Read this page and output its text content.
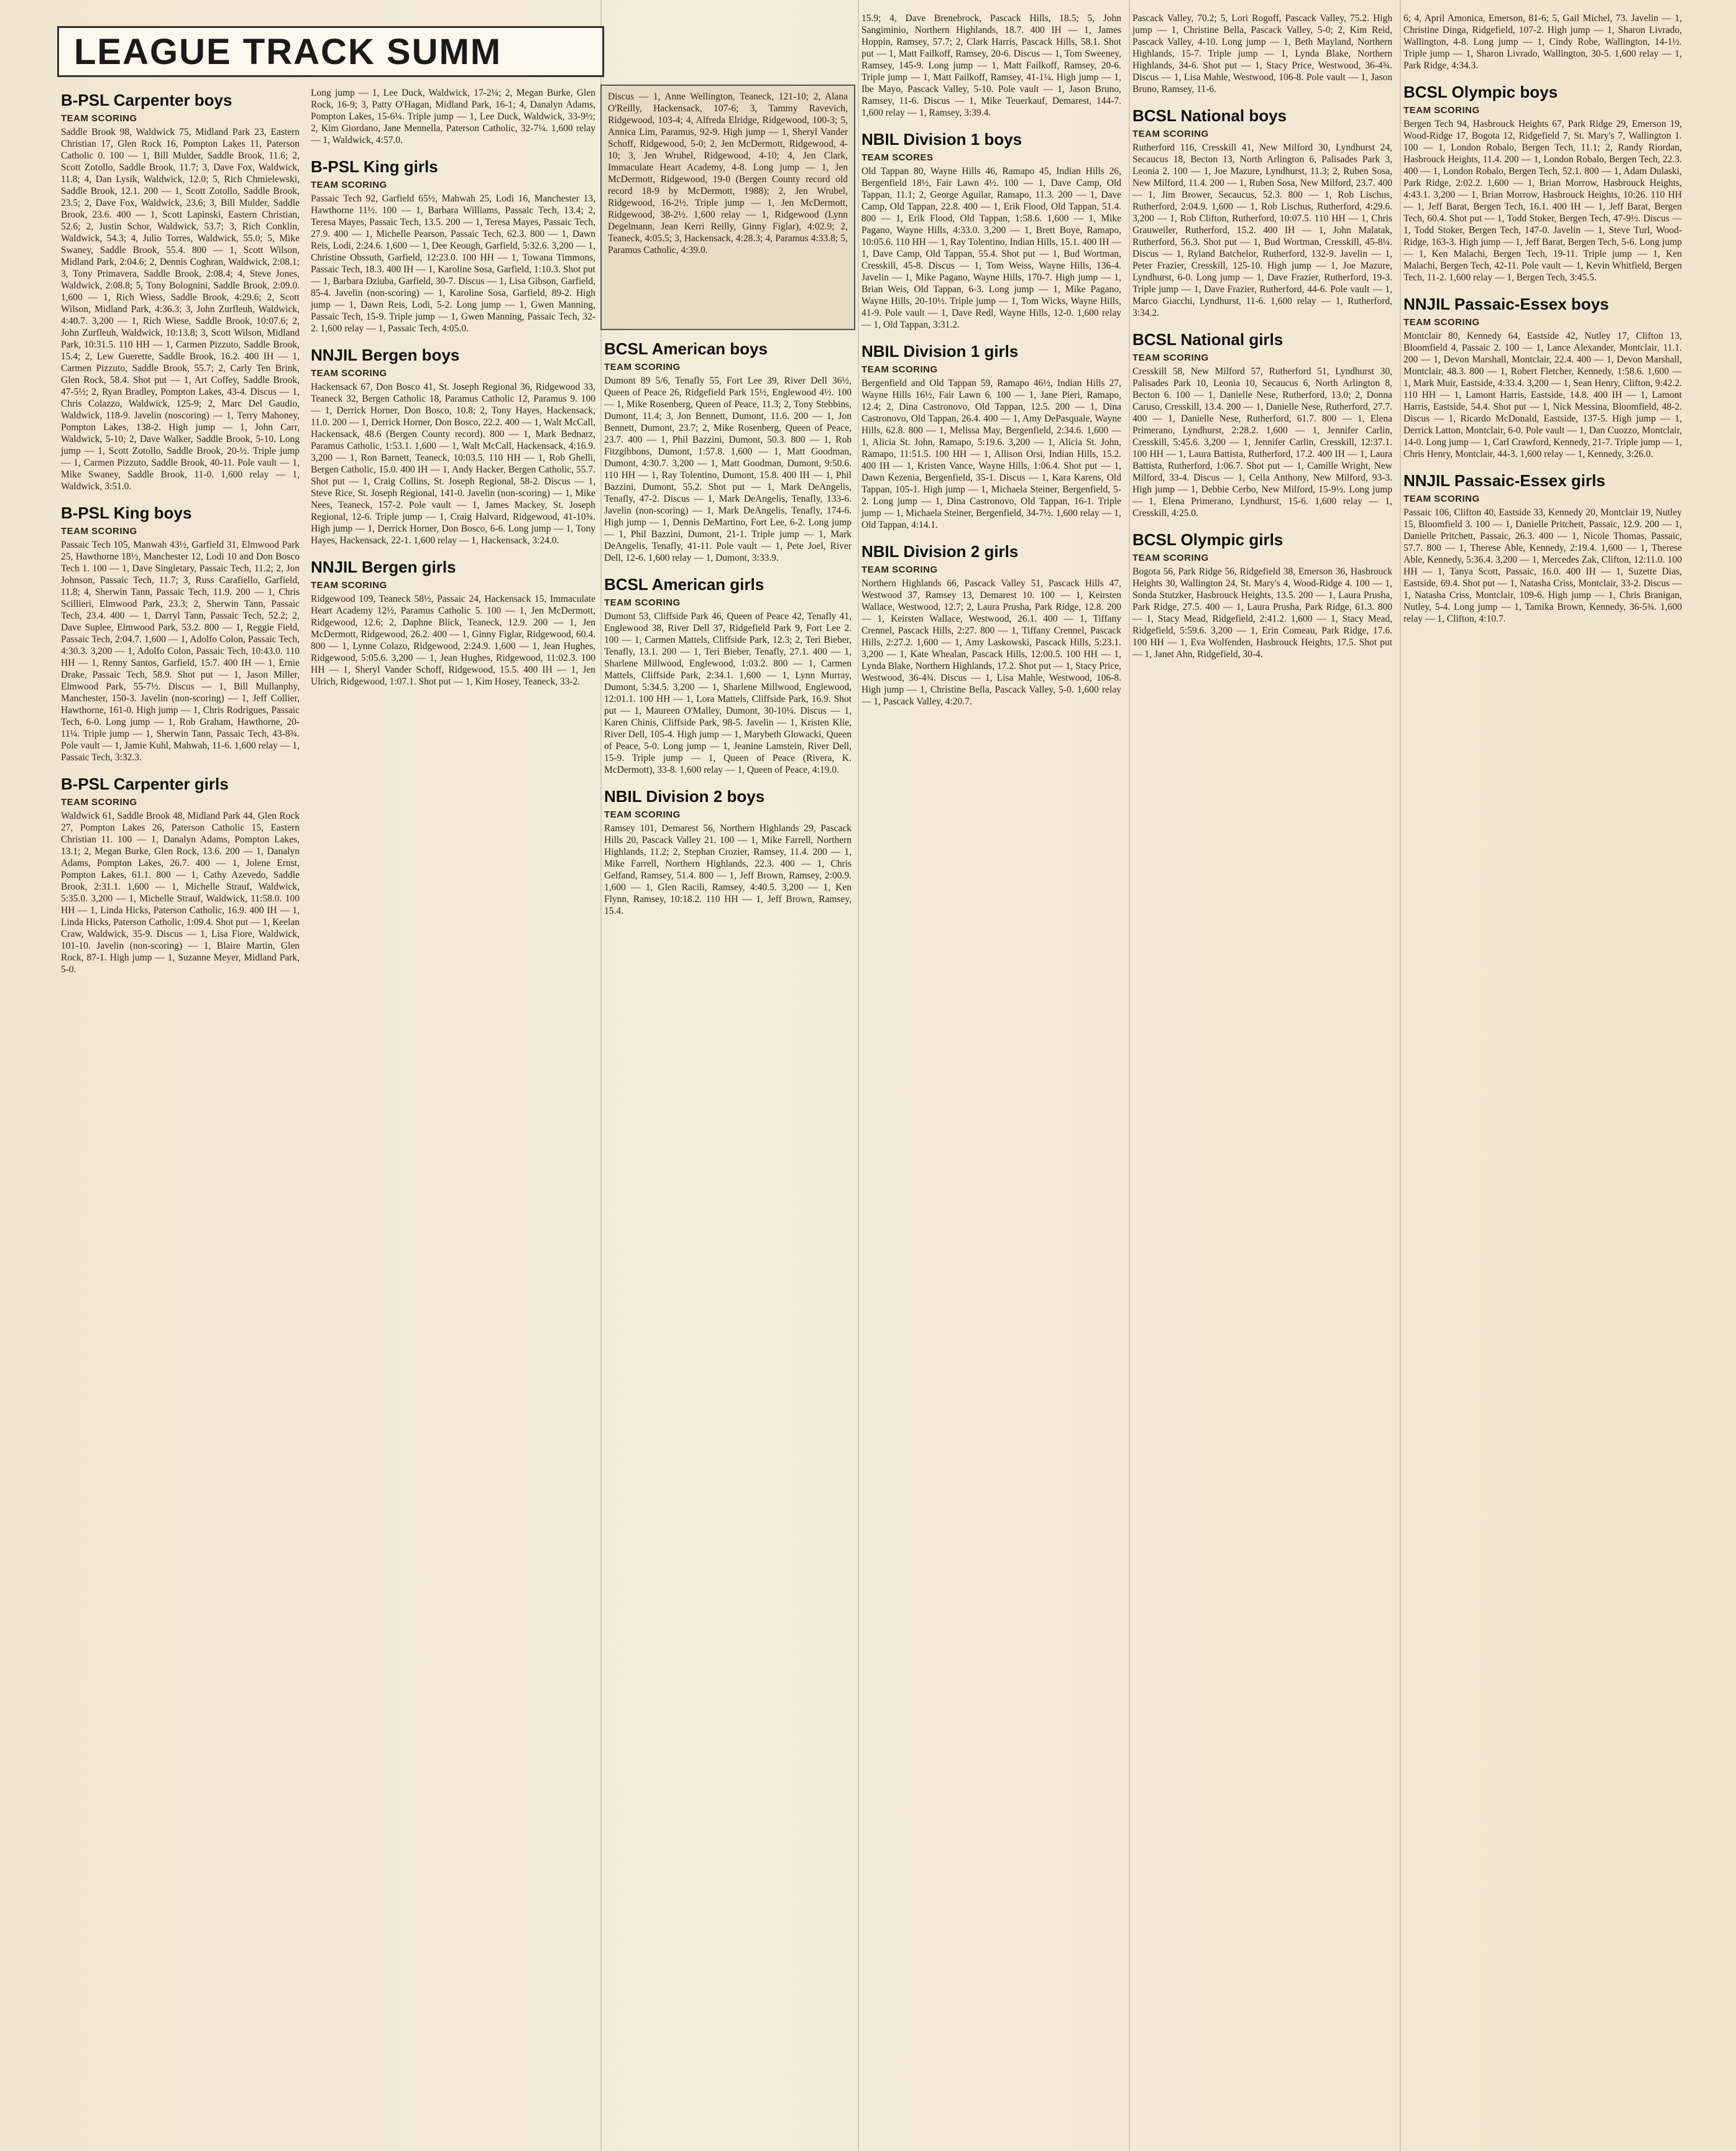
LEAGUE TRACK SUMM

Discus — 1, Anne Wellington, Teaneck, 121-10; 2, Alana O'Reilly, Hackensack, 107-6; 3, Tammy Ravevich, Ridgewood, 103-4; 4, Alfreda Elridge, Ridgewood, 100-3; 5, Annica Lim, Paramus, 92-9. High jump — 1, Sheryl Vander Schoff, Ridgewood, 5-0; 2, Jen McDermott, Ridgewood, 4-10; 3, Jen Wrubel, Ridgewood, 4-10; 4, Jen Clark, Immaculate Heart Academy, 4-8. Long jump — 1, Jen McDermott, Ridgewood, 19-0 (Bergen County record old record 18-9 by McDermott, 1988); 2, Jen Wrubel, Ridgewood, 16-2½. Triple jump — 1, Jen McDermott, Ridgewood, 38-2½. 1,600 relay — 1, Ridgewood (Lynn Degelmann, Jean Kerri Reilly, Ginny Figlar), 4:02.9; 2, Teaneck, 4:05.5; 3, Hackensack, 4:28.3; 4, Paramus 4:33.8; 5, Paramus Catholic, 4:39.0.

B-PSL Carpenter boys
TEAM SCORING

Saddle Brook 98, Waldwick 75, Midland Park 23, Eastern Christian 17, Glen Rock 16, Pompton Lakes 11, Paterson Catholic 0. 100 — 1, Bill Mulder, Saddle Brook, 11.6; 2, Scott Zotollo, Saddle Brook, 11.7; 3, Dave Fox, Waldwick, 11.8; 4, Dan Lysik, Waldwick, 12.0; 5, Rich Chmielewski, Saddle Brook, 12.1. 200 — 1, Scott Zotollo, Saddle Brook, 23.5; 2, Dave Fox, Waldwick, 23.6; 3, Bill Mulder, Saddle Brook, 23.6. 400 — 1, Scott Lapinski, Eastern Christian, 52.6; 2, Justin Schor, Waldwick, 53.7; 3, Rich Conklin, Waldwick, 54.3; 4, Julio Torres, Waldwick, 55.0; 5, Mike Swaney, Saddle Brook, 55.4. 800 — 1, Scott Wilson, Midland Park, 2:04.6; 2, Dennis Coghran, Waldwick, 2:08.1; 3, Tony Primavera, Saddle Brook, 2:08.4; 4, Steve Jones, Waldwick, 2:08.8; 5, Tony Bolognini, Saddle Brook, 2:09.0. 1,600 — 1, Rich Wiess, Saddle Brook, 4:29.6; 2, Scott Wilson, Midland Park, 4:36.3; 3, John Zurfleuh, Waldwick, 4:40.7. 3,200 — 1, Rich Wiese, Saddle Brook, 10:07.6; 2, John Zurfleuh, Waldwick, 10:13.8; 3, Scott Wilson, Midland Park, 10:31.5. 110 HH — 1, Carmen Pizzuto, Saddle Brook, 15.4; 2, Lew Guerette, Saddle Brook, 16.2. 400 IH — 1, Carmen Pizzuto, Saddle Brook, 55.7; 2, Carly Ten Brink, Glen Rock, 58.4. Shot put — 1, Art Coffey, Saddle Brook, 47-5½; 2, Ryan Bradley, Pompton Lakes, 43-4. Discus — 1, Chris Colazzo, Waldwick, 125-9; 2, Marc Del Gaudio, Waldwick, 118-9. Javelin (noscoring) — 1, Terry Mahoney, Pompton Lakes, 138-2. High jump — 1, John Carr, Waldwick, 5-10; 2, Dave Walker, Saddle Brook, 5-10. Long jump — 1, Scott Zotollo, Saddle Brook, 20-½. Triple jump — 1, Carmen Pizzuto, Saddle Brook, 40-11. Pole vault — 1, Mike Swaney, Saddle Brook, 11-0. 1,600 relay — 1, Waldwick, 3:51.0.

B-PSL King boys
TEAM SCORING

Passaic Tech 105, Manwah 43½, Garfield 31, Elmwood Park 25, Hawthorne 18½, Manchester 12, Lodi 10 and Don Bosco Tech 1. 100 — 1, Dave Singletary, Passaic Tech, 11.2; 2, Jon Johnson, Passaic Tech, 11.7; 3, Russ Carafiello, Garfield, 11.8; 4, Sherwin Tann, Passaic Tech, 11.9. 200 — 1, Chris Scillieri, Elmwood Park, 23.3; 2, Sherwin Tann, Passaic Tech, 23.4. 400 — 1, Darryl Tann, Passaic Tech, 52.2; 2, Dave Suplee, Elmwood Park, 53.2. 800 — 1, Reggie Field, Passaic Tech, 2:04.7. 1,600 — 1, Adolfo Colon, Passaic Tech, 4:30.3. 3,200 — 1, Adolfo Colon, Passaic Tech, 10:43.0. 110 HH — 1, Renny Santos, Garfield, 15.7. 400 IH — 1, Ernie Drake, Passaic Tech, 58.9. Shot put — 1, Jason Miller, Elmwood Park, 55-7½. Discus — 1, Bill Mullanphy, Manchester, 150-3. Javelin (non-scoring) — 1, Jeff Collier, Hawthorne, 161-0. High jump — 1, Chris Rodrigues, Passaic Tech, 6-0. Long jump — 1, Rob Graham, Hawthorne, 20-11¼. Triple jump — 1, Sherwin Tann, Passaic Tech, 43-8¾. Pole vault — 1, Jamie Kuhl, Mahwah, 11-6. 1,600 relay — 1, Passaic Tech, 3:32.3.

B-PSL Carpenter girls
TEAM SCORING

Waldwick 61, Saddle Brook 48, Midland Park 44, Glen Rock 27, Pompton Lakes 26, Paterson Catholic 15, Eastern Christian 11. 100 — 1, Danalyn Adams, Pompton Lakes, 13.1; 2, Megan Burke, Glen Rock, 13.6. 200 — 1, Danalyn Adams, Pompton Lakes, 26.7. 400 — 1, Jolene Ernst, Pompton Lakes, 61.1. 800 — 1, Cathy Azevedo, Saddle Brook, 2:31.1. 1,600 — 1, Michelle Strauf, Waldwick, 5:35.0. 3,200 — 1, Michelle Strauf, Waldwick, 11:58.0. 100 HH — 1, Linda Hicks, Paterson Catholic, 16.9. 400 IH — 1, Linda Hicks, Paterson Catholic, 1:09.4. Shot put — 1, Keelan Craw, Waldwick, 35-9. Discus — 1, Lisa Fiore, Waldwick, 101-10. Javelin (non-scoring) — 1, Blaire Martin, Glen Rock, 87-1. High jump — 1, Suzanne Meyer, Midland Park, 5-0.

Long jump — 1, Lee Duck, Waldwick, 17-2¼; 2, Megan Burke, Glen Rock, 16-9; 3, Patty O'Hagan, Midland Park, 16-1; 4, Danalyn Adams, Pompton Lakes, 15-6¼. Triple jump — 1, Lee Duck, Waldwick, 33-9½; 2, Kim Giordano, Jane Mennella, Paterson Catholic, 32-7¼. 1,600 relay — 1, Waldwick, 4:57.0.

B-PSL King girls
TEAM SCORING

Passaic Tech 92, Garfield 65½, Mahwah 25, Lodi 16, Manchester 13, Hawthorne 11½. 100 — 1, Barbara Williams, Passaic Tech, 13.4; 2, Teresa Mayes, Passaic Tech, 13.5. 200 — 1, Teresa Mayes, Passaic Tech, 27.9. 400 — 1, Michelle Pearson, Passaic Tech, 62.3. 800 — 1, Dawn Reis, Lodi, 2:24.6. 1,600 — 1, Dee Keough, Garfield, 5:32.6. 3,200 — 1, Christine Obssuth, Garfield, 12:23.0. 100 HH — 1, Towana Timmons, Passaic Tech, 18.3. 400 IH — 1, Karoline Sosa, Garfield, 1:10.3. Shot put — 1, Barbara Dziuba, Garfield, 30-7. Discus — 1, Lisa Gibson, Garfield, 85-4. Javelin (non-scoring) — 1, Karoline Sosa, Garfield, 89-2. High jump — 1, Dawn Reis, Lodi, 5-2. Long jump — 1, Gwen Manning, Passaic Tech, 15-9. Triple jump — 1, Gwen Manning, Passaic Tech, 32-2. 1,600 relay — 1, Passaic Tech, 4:05.0.

NNJIL Bergen boys
TEAM SCORING

Hackensack 67, Don Bosco 41, St. Joseph Regional 36, Ridgewood 33, Teaneck 32, Bergen Catholic 18, Paramus Catholic 12, Paramus 9. 100 — 1, Derrick Horner, Don Bosco, 10.8; 2, Tony Hayes, Hackensack, 11.0. 200 — 1, Derrick Horner, Don Bosco, 22.2. 400 — 1, Walt McCall, Hackensack, 48.6 (Bergen County record). 800 — 1, Mark Bednarz, Paramus Catholic, 1:53.1. 1,600 — 1, Walt McCall, Hackensack, 4:16.9. 3,200 — 1, Ron Barnett, Teaneck, 10:03.5. 110 HH — 1, Rob Ghelli, Bergen Catholic, 15.0. 400 IH — 1, Andy Hacker, Bergen Catholic, 55.7. Shot put — 1, Craig Collins, St. Joseph Regional, 58-2. Discus — 1, Steve Rice, St. Joseph Regional, 141-0. Javelin (non-scoring) — 1, Mike Nees, Teaneck, 157-2. Pole vault — 1, James Mackey, St. Joseph Regional, 12-6. Triple jump — 1, Craig Halvard, Ridgewood, 41-10¾. High jump — 1, Derrick Horner, Don Bosco, 6-6. Long jump — 1, Tony Hayes, Hackensack, 22-1. 1,600 relay — 1, Hackensack, 3:24.0.

NNJIL Bergen girls
TEAM SCORING

Ridgewood 109, Teaneck 58½, Passaic 24, Hackensack 15, Immaculate Heart Academy 12½, Paramus Catholic 5. 100 — 1, Jen McDermott, Ridgewood, 12.6; 2, Daphne Blick, Teaneck, 12.9. 200 — 1, Jen McDermott, Ridgewood, 26.2. 400 — 1, Ginny Figlar, Ridgewood, 60.4. 800 — 1, Lynne Colazo, Ridgewood, 2:24.9. 1,600 — 1, Jean Hughes, Ridgewood, 5:05.6. 3,200 — 1, Jean Hughes, Ridgewood, 11:02.3. 100 HH — 1, Sheryl Vander Schoff, Ridgewood, 15.5. 400 IH — 1, Jen Ulrich, Ridgewood, 1:07.1. Shot put — 1, Kim Hosey, Teaneck, 33-2.

BCSL American boys
TEAM SCORING

Dumont 89 5/6, Tenafly 55, Fort Lee 39, River Dell 36½, Queen of Peace 26, Ridgefield Park 15½, Englewood 4½. 100 — 1, Mike Rosenberg, Queen of Peace, 11.3; 2, Tony Stebbins, Dumont, 11.4; 3, Jon Bennett, Dumont, 11.6. 200 — 1, Jon Bennett, Dumont, 23.7; 2, Mike Rosenberg, Queen of Peace, 23.7. 400 — 1, Phil Bazzini, Dumont, 50.3. 800 — 1, Rob Fitzgibbons, Dumont, 1:57.8. 1,600 — 1, Matt Goodman, Dumont, 4:30.7. 3,200 — 1, Matt Goodman, Dumont, 9:50.6. 110 HH — 1, Ray Tolentino, Dumont, 15.8. 400 IH — 1, Phil Bazzini, Dumont, 55.2. Shot put — 1, Mark DeAngelis, Tenafly, 47-2. Discus — 1, Mark DeAngelis, Tenafly, 133-6. Javelin (non-scoring) — 1, Mark DeAngelis, Tenafly, 174-6. High jump — 1, Dennis DeMartino, Fort Lee, 6-2. Long jump — 1, Phil Bazzini, Dumont, 21-1. Triple jump — 1, Mark DeAngelis, Tenafly, 41-11. Pole vault — 1, Pete Joel, River Dell, 12-6. 1,600 relay — 1, Dumont, 3:33.9.

BCSL American girls
TEAM SCORING

Dumont 53, Cliffside Park 46, Queen of Peace 42, Tenafly 41, Englewood 38, River Dell 37, Ridgefield Park 9, Fort Lee 2. 100 — 1, Carmen Mattels, Cliffside Park, 12.3; 2, Teri Bieber, Tenafly, 13.1. 200 — 1, Teri Bieber, Tenafly, 27.1. 400 — 1, Sharlene Millwood, Englewood, 1:03.2. 800 — 1, Carmen Mattels, Cliffside Park, 2:34.1. 1,600 — 1, Lynn Murray, Dumont, 5:34.5. 3,200 — 1, Sharlene Millwood, Englewood, 12:01.1. 100 HH — 1, Lora Mattels, Cliffside Park, 16.9. Shot put — 1, Maureen O'Malley, Dumont, 30-10¼. Discus — 1, Karen Chinis, Cliffside Park, 98-5. Javelin — 1, Kristen Klie, River Dell, 105-4. High jump — 1, Marybeth Glowacki, Queen of Peace, 5-0. Long jump — 1, Jeanine Lamstein, River Dell, 15-9. Triple jump — 1, Queen of Peace (Rivera, K. McDermott), 33-8. 1,600 relay — 1, Queen of Peace, 4:19.0.

NBIL Division 2 boys
TEAM SCORING

Ramsey 101, Demarest 56, Northern Highlands 29, Pascack Hills 20, Pascack Valley 21. 100 — 1, Mike Farrell, Northern Highlands, 11.2; 2, Stephan Crozier, Ramsey, 11.4. 200 — 1, Mike Farrell, Northern Highlands, 22.3. 400 — 1, Chris Gelfand, Ramsey, 51.4. 800 — 1, Jeff Brown, Ramsey, 2:00.9. 1,600 — 1, Glen Racili, Ramsey, 4:40.5. 3,200 — 1, Ken Flynn, Ramsey, 10:18.2. 110 HH — 1, Jeff Brown, Ramsey, 15.4.

15.9; 4, Dave Brenebrock, Pascack Hills, 18.5; 5, John Sangiminio, Northern Highlands, 18.7. 400 IH — 1, James Hoppin, Ramsey, 57.7; 2, Clark Harris, Pascack Hills, 58.1. Shot put — 1, Matt Failkoff, Ramsey, 20-6. Discus — 1, Tom Sweeney, Ramsey, 145-9. Long jump — 1, Matt Failkoff, Ramsey, 20-6. Triple jump — 1, Matt Failkoff, Ramsey, 41-1¼. High jump — 1, Ibe Mayo, Pascack Valley, 5-10. Pole vault — 1, Jason Bruno, Ramsey, 11-6. Discus — 1, Mike Teuerkauf, Demarest, 144-7. 1,600 relay — 1, Ramsey, 3:39.4.

NBIL Division 1 boys
TEAM SCORES

Old Tappan 80, Wayne Hills 46, Ramapo 45, Indian Hills 26, Bergenfield 18½, Fair Lawn 4½. 100 — 1, Dave Camp, Old Tappan, 11.1; 2, George Aguilar, Ramapo, 11.3. 200 — 1, Dave Camp, Old Tappan, 22.8. 400 — 1, Erik Flood, Old Tappan, 51.4. 800 — 1, Erik Flood, Old Tappan, 1:58.6. 1,600 — 1, Mike Pagano, Wayne Hills, 4:33.0. 3,200 — 1, Brett Boye, Ramapo, 10:05.6. 110 HH — 1, Ray Tolentino, Indian Hills, 15.1. 400 IH — 1, Dave Camp, Old Tappan, 55.4. Shot put — 1, Bud Wortman, Cresskill, 45-8. Discus — 1, Tom Weiss, Wayne Hills, 136-4. Javelin — 1, Mike Pagano, Wayne Hills, 170-7. High jump — 1, Brian Weis, Old Tappan, 6-3. Long jump — 1, Mike Pagano, Wayne Hills, 20-10½. Triple jump — 1, Tom Wicks, Wayne Hills, 41-9. Pole vault — 1, Dave Redl, Wayne Hills, 12-0. 1,600 relay — 1, Old Tappan, 3:31.2.

NBIL Division 1 girls
TEAM SCORING

Bergenfield and Old Tappan 59, Ramapo 46½, Indian Hills 27, Wayne Hills 16½, Fair Lawn 6. 100 — 1, Jane Pieri, Ramapo, 12.4; 2, Dina Castronovo, Old Tappan, 12.5. 200 — 1, Dina Castronovo, Old Tappan, 26.4. 400 — 1, Amy DePasquale, Wayne Hills, 62.8. 800 — 1, Melissa May, Bergenfield, 2:34.6. 1,600 — 1, Alicia St. John, Ramapo, 5:19.6. 3,200 — 1, Alicia St. John, Ramapo, 11:51.5. 100 HH — 1, Allison Orsi, Indian Hills, 15.2. 400 IH — 1, Kristen Vance, Wayne Hills, 1:06.4. Shot put — 1, Dawn Kezenia, Bergenfield, 35-1. Discus — 1, Kara Karens, Old Tappan, 105-1. High jump — 1, Michaela Steiner, Bergenfield, 5-2. Long jump — 1, Dina Castronovo, Old Tappan, 16-1. Triple jump — 1, Michaela Steiner, Bergenfield, 34-7½. 1,600 relay — 1, Old Tappan, 4:14.1.

NBIL Division 2 girls
TEAM SCORING

Northern Highlands 66, Pascack Valley 51, Pascack Hills 47, Westwood 37, Ramsey 13, Demarest 10. 100 — 1, Keirsten Wallace, Westwood, 12.7; 2, Laura Prusha, Park Ridge, 12.8. 200 — 1, Keirsten Wallace, Westwood, 26.1. 400 — 1, Tiffany Crennel, Pascack Hills, 2:27. 800 — 1, Tiffany Crennel, Pascack Hills, 2:27.2. 1,600 — 1, Amy Laskowski, Pascack Hills, 5:23.1. 3,200 — 1, Kate Whealan, Pascack Hills, 12:00.5. 100 HH — 1, Lynda Blake, Northern Highlands, 17.2. Shot put — 1, Stacy Price, Westwood, 36-4¾. Discus — 1, Lisa Mahle, Westwood, 106-8. High jump — 1, Christine Bella, Pascack Valley, 5-0. 1,600 relay — 1, Pascack Valley, 4:20.7.

Pascack Valley, 70.2; 5, Lori Rogoff, Pascack Valley, 75.2. High jump — 1, Christine Bella, Pascack Valley, 5-0; 2, Kim Reid, Pascack Valley, 4-10. Long jump — 1, Beth Mayland, Northern Highlands, 15-7. Triple jump — 1, Lynda Blake, Northern Highlands, 34-6. Shot put — 1, Stacy Price, Westwood, 36-4¾. Discus — 1, Lisa Mahle, Westwood, 106-8. Pole vault — 1, Jason Bruno, Ramsey, 11-6.

BCSL National boys
TEAM SCORING

Rutherford 116, Cresskill 41, New Milford 30, Lyndhurst 24, Secaucus 18, Becton 13, North Arlington 6, Palisades Park 3, Leonia 2. 100 — 1, Joe Mazure, Lyndhurst, 11.3; 2, Ruben Sosa, New Milford, 11.4. 200 — 1, Ruben Sosa, New Milford, 23.7. 400 — 1, Jim Brower, Secaucus, 52.3. 800 — 1, Rob Lischus, Rutherford, 2:04.9. 1,600 — 1, Rob Lischus, Rutherford, 4:29.6. 3,200 — 1, Rob Clifton, Rutherford, 10:07.5. 110 HH — 1, Chris Grauweiler, Rutherford, 15.2. 400 IH — 1, John Malatak, Rutherford, 56.3. Shot put — 1, Bud Wortman, Cresskill, 45-8¼. Discus — 1, Ryland Batchelor, Rutherford, 132-9. Javelin — 1, Peter Frazier, Cresskill, 125-10. High jump — 1, Joe Mazure, Lyndhurst, 6-0. Long jump — 1, Dave Frazier, Rutherford, 19-3. Triple jump — 1, Dave Frazier, Rutherford, 44-6. Pole vault — 1, Marco Giacchi, Lyndhurst, 11-6. 1,600 relay — 1, Rutherford, 3:34.2.

BCSL National girls
TEAM SCORING

Cresskill 58, New Milford 57, Rutherford 51, Lyndhurst 30, Palisades Park 10, Leonia 10, Secaucus 6, North Arlington 8, Becton 6. 100 — 1, Danielle Nese, Rutherford, 13.0; 2, Donna Caruso, Cresskill, 13.4. 200 — 1, Danielle Nese, Rutherford, 27.7. 400 — 1, Danielle Nese, Rutherford, 61.7. 800 — 1, Elena Primerano, Lyndhurst, 2:28.2. 1,600 — 1, Jennifer Carlin, Cresskill, 5:45.6. 3,200 — 1, Jennifer Carlin, Cresskill, 12:37.1. 100 HH — 1, Laura Battista, Rutherford, 17.2. 400 IH — 1, Laura Battista, Rutherford, 1:06.7. Shot put — 1, Camille Wright, New Milford, 33-4. Discus — 1, Ceila Anthony, New Milford, 93-3. High jump — 1, Debbie Cerbo, New Milford, 15-9½. Long jump — 1, Elena Primerano, Lyndhurst, 15-6. 1,600 relay — 1, Cresskill, 4:25.0.

BCSL Olympic girls
TEAM SCORING

Bogota 56, Park Ridge 56, Ridgefield 38, Emerson 36, Hasbrouck Heights 30, Wallington 24, St. Mary's 4, Wood-Ridge 4. 100 — 1, Sonda Stutzker, Hasbrouck Heights, 13.5. 200 — 1, Laura Prusha, Park Ridge, 27.5. 400 — 1, Laura Prusha, Park Ridge, 61.3. 800 — 1, Stacy Mead, Ridgefield, 2:41.2. 1,600 — 1, Stacy Mead, Ridgefield, 5:59.6. 3,200 — 1, Erin Comeau, Park Ridge, 17.6. 100 HH — 1, Eva Wolfenden, Hasbrouck Heights, 17.5. Shot put — 1, Janet Ahn, Ridgefield, 30-4.

6; 4, April Amonica, Emerson, 81-6; 5, Gail Michel, 73. Javelin — 1, Christine Dinga, Ridgefield, 107-2. High jump — 1, Sharon Livrado, Wallington, 4-8. Long jump — 1, Cindy Robe, Wallington, 14-1½. Triple jump — 1, Sharon Livrado, Wallington, 30-5. 1,600 relay — 1, Park Ridge, 4:34.3.

BCSL Olympic boys
TEAM SCORING

Bergen Tech 94, Hasbrouck Heights 67, Park Ridge 29, Emerson 19, Wood-Ridge 17, Bogota 12, Ridgefield 7, St. Mary's 7, Wallington 1. 100 — 1, London Robalo, Bergen Tech, 11.1; 2, Randy Riordan, Hasbrouck Heights, 11.4. 200 — 1, London Robalo, Bergen Tech, 22.3. 400 — 1, London Robalo, Bergen Tech, 52.1. 800 — 1, Adam Dulaski, Park Ridge, 2:02.2. 1,600 — 1, Brian Morrow, Hasbrouck Heights, 4:43.1. 3,200 — 1, Brian Morrow, Hasbrouck Heights, 10:26. 110 HH — 1, Jeff Barat, Bergen Tech, 16.1. 400 IH — 1, Jeff Barat, Bergen Tech, 60.4. Shot put — 1, Todd Stoker, Bergen Tech, 47-9½. Discus — 1, Todd Stoker, Bergen Tech, 147-0. Javelin — 1, Steve Turl, Wood-Ridge, 163-3. High jump — 1, Jeff Barat, Bergen Tech, 5-6. Long jump — 1, Ken Malachi, Bergen Tech, 19-11. Triple jump — 1, Ken Malachi, Bergen Tech, 42-11. Pole vault — 1, Kevin Whitfield, Bergen Tech, 11-2. 1,600 relay — 1, Bergen Tech, 3:45.5.

NNJIL Passaic-Essex boys
TEAM SCORING

Montclair 80, Kennedy 64, Eastside 42, Nutley 17, Clifton 13, Bloomfield 4, Passaic 2. 100 — 1, Lance Alexander, Montclair, 11.1. 200 — 1, Devon Marshall, Montclair, 22.4. 400 — 1, Devon Marshall, Montclair, 48.3. 800 — 1, Robert Fletcher, Kennedy, 1:58.6. 1,600 — 1, Mark Muir, Eastside, 4:33.4. 3,200 — 1, Sean Henry, Clifton, 9:42.2. 110 HH — 1, Lamont Harris, Eastside, 14.8. 400 IH — 1, Lamont Harris, Eastside, 54.4. Shot put — 1, Nick Messina, Bloomfield, 48-2. Discus — 1, Ricardo McDonald, Eastside, 137-5. High jump — 1, Derrick Latton, Montclair, 6-0. Pole vault — 1, Dan Cuozzo, Montclair, 14-0. Long jump — 1, Carl Crawford, Kennedy, 21-7. Triple jump — 1, Chris Henry, Montclair, 44-3. 1,600 relay — 1, Kennedy, 3:26.0.

NNJIL Passaic-Essex girls
TEAM SCORING

Passaic 106, Clifton 40, Eastside 33, Kennedy 20, Montclair 19, Nutley 15, Bloomfield 3. 100 — 1, Danielle Pritchett, Passaic, 12.9. 200 — 1, Danielle Pritchett, Passaic, 26.3. 400 — 1, Nicole Thomas, Passaic, 57.7. 800 — 1, Therese Able, Kennedy, 2:19.4. 1,600 — 1, Therese Able, Kennedy, 5:36.4. 3,200 — 1, Mercedes Zak, Clifton, 12:11.0. 100 HH — 1, Tanya Scott, Passaic, 16.0. 400 IH — 1, Suzette Dias, Eastside, 69.4. Shot put — 1, Natasha Criss, Montclair, 33-2. Discus — 1, Natasha Criss, Montclair, 109-6. High jump — 1, Chris Branigan, Nutley, 5-4. Long jump — 1, Tamika Brown, Kennedy, 36-5¾. 1,600 relay — 1, Clifton, 4:10.7.
